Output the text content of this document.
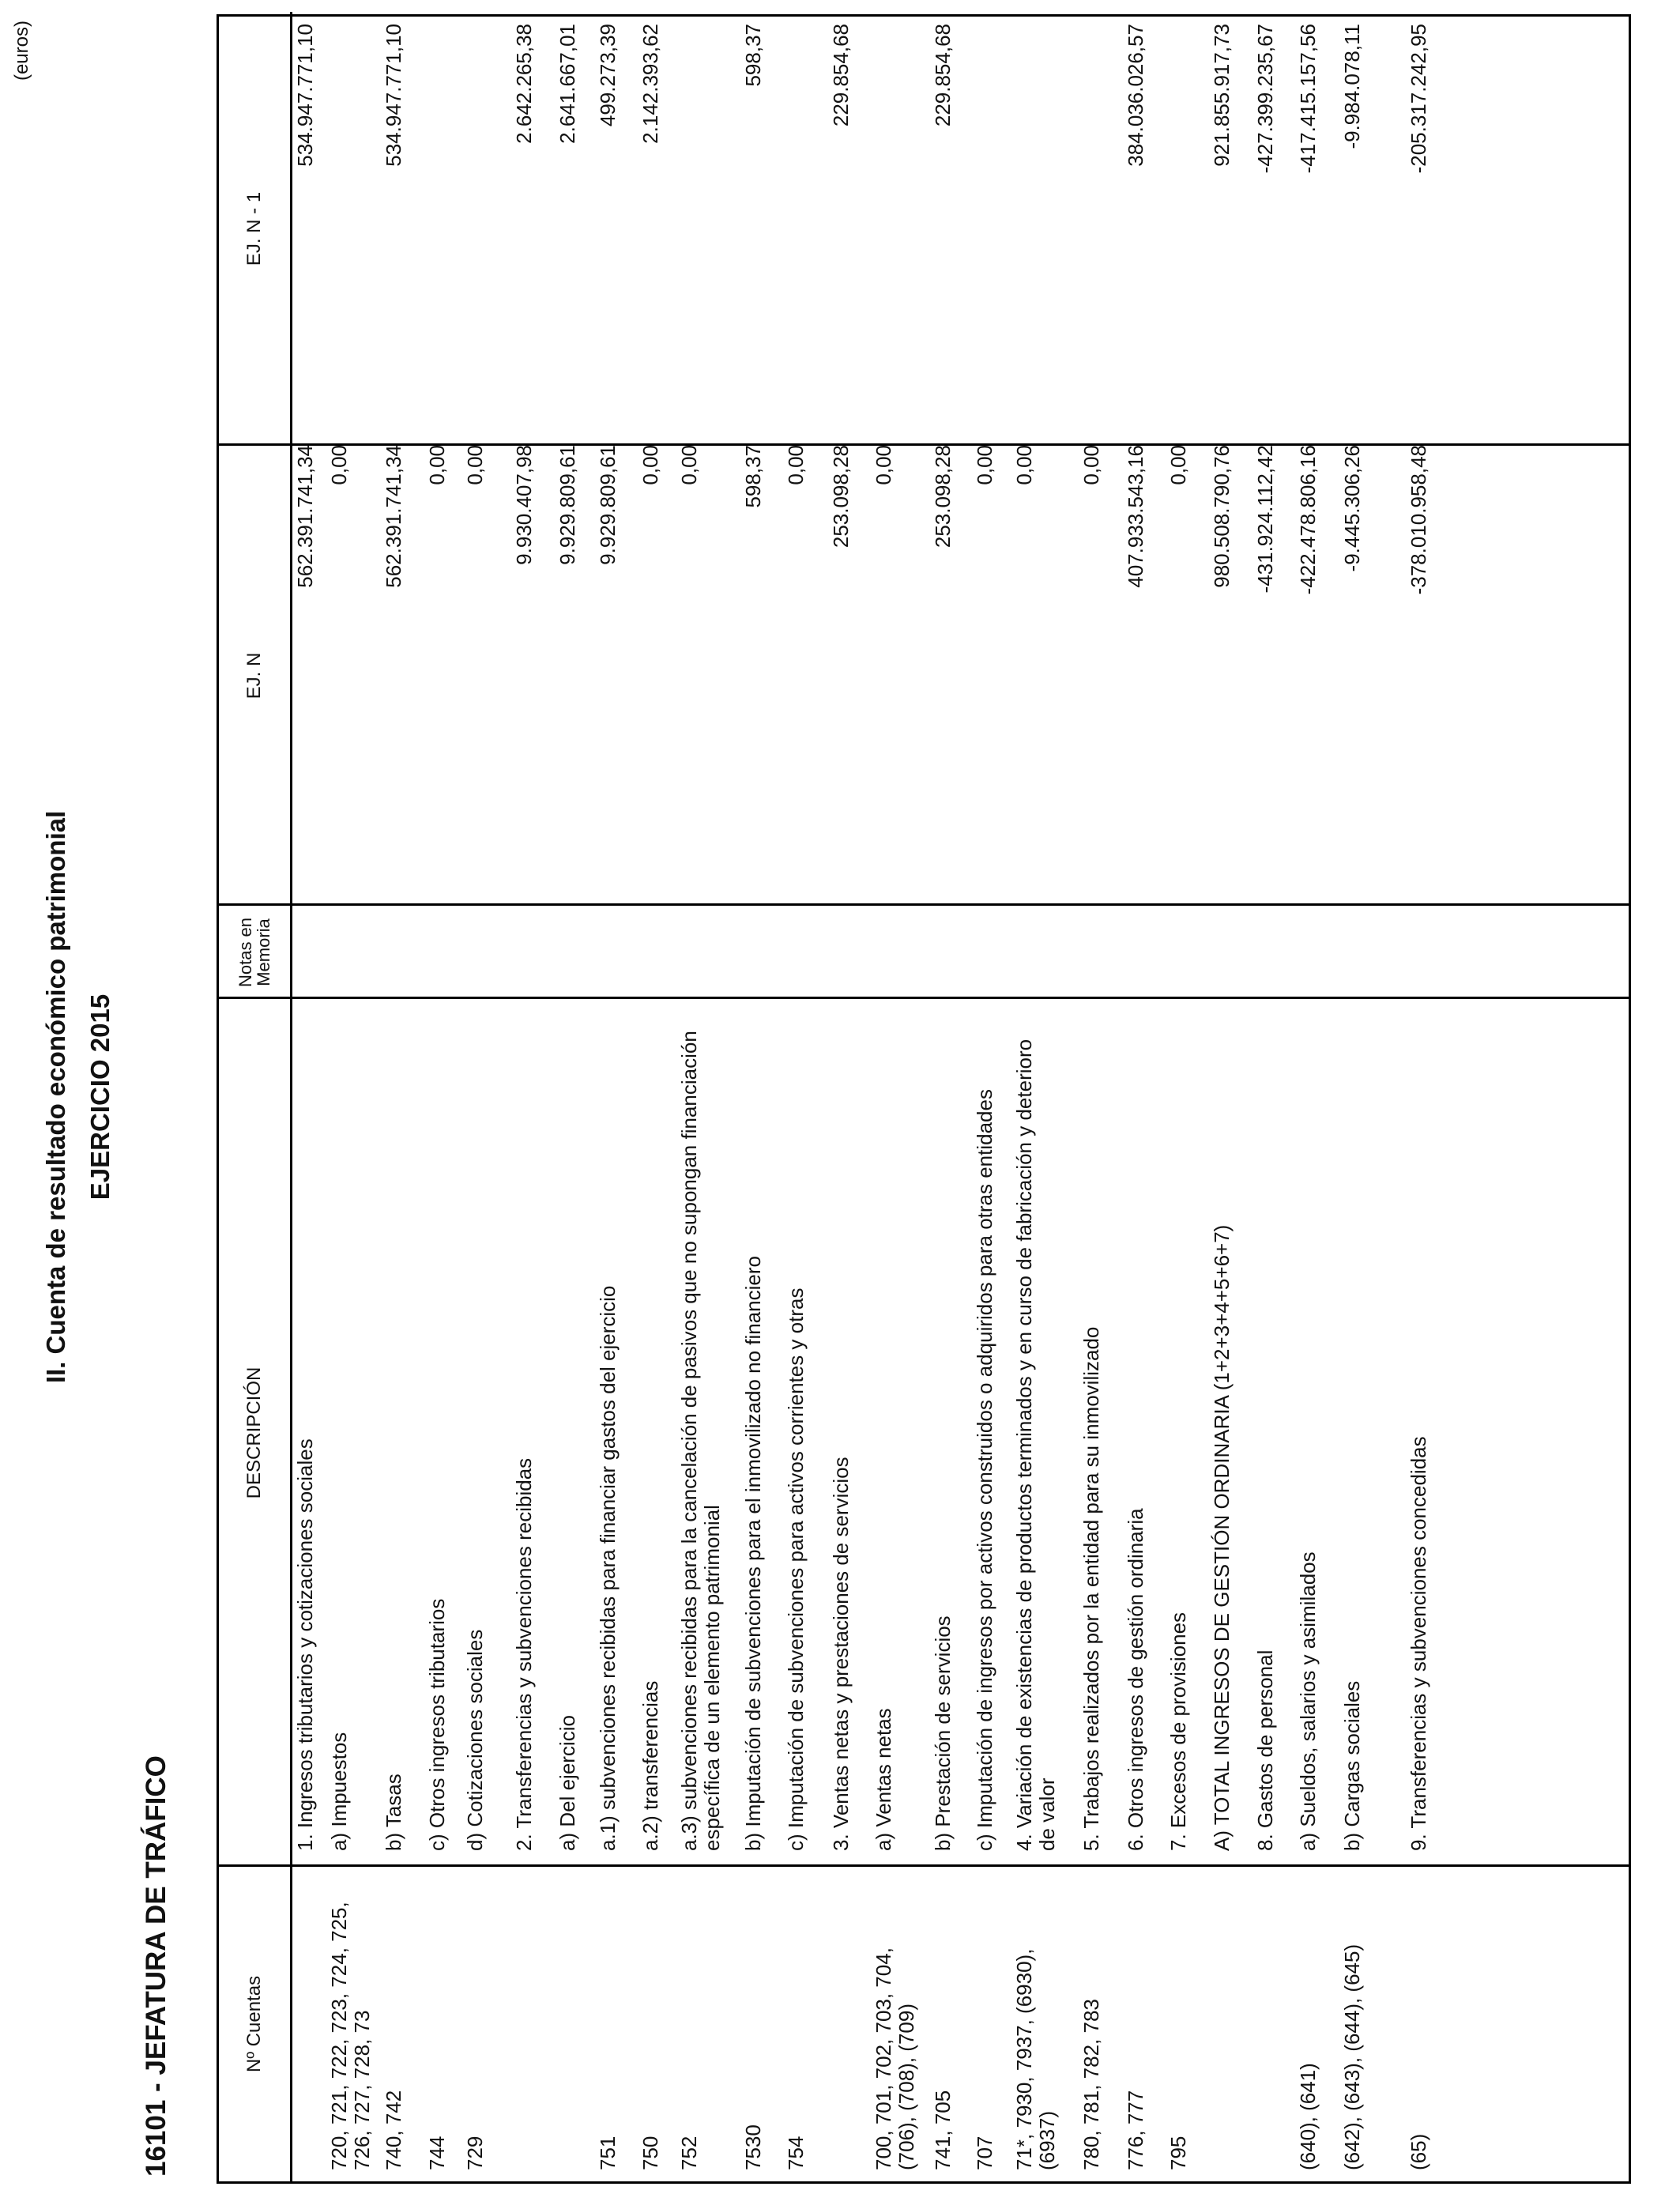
(euros)
II. Cuenta de resultado económico patrimonial EJERCICIO 2015
16101 - JEFATURA DE TRÁFICO	Nº Cuentas
DESCRIPCIÓN
Notas en Memoria
EJ. N
EJ. N - 1
1. Ingresos tributarios y cotizaciones sociales
562.391.741,34
534.947.771,10
720, 721, 722, 723, 724, 725, 726, 727, 728, 73
a) Impuestos
0,00
740, 742
b) Tasas
562.391.741,34
534.947.771,10
744
c) Otros ingresos tributarios
0,00
729
d) Cotizaciones sociales
0,00
2. Transferencias y subvenciones recibidas
9.930.407,98
2.642.265,38
a) Del ejercicio
9.929.809,61
2.641.667,01
751
a.1) subvenciones recibidas para financiar gastos del ejercicio
9.929.809,61
499.273,39
750
a.2) transferencias
0,00
2.142.393,62
752
a.3) subvenciones recibidas para la cancelación de pasivos que no supongan financiación específica de un elemento patrimonial
0,00
7530
b) Imputación de subvenciones para el inmovilizado no financiero
598,37
598,37
754
c) Imputación de subvenciones para activos corrientes y otras
0,00
3. Ventas netas y prestaciones de servicios
253.098,28
229.854,68
700, 701, 702, 703, 704, (706), (708), (709)
a) Ventas netas
0,00
741, 705
b) Prestación de servicios
253.098,28
229.854,68
707
c) Imputación de ingresos por activos construidos o adquiridos para otras entidades
0,00
71*, 7930, 7937, (6930), (6937)
4. Variación de existencias de productos terminados y en curso de fabricación y deterioro de valor
0,00
780, 781, 782, 783
5. Trabajos realizados por la entidad para su inmovilizado
0,00
776, 777
6. Otros ingresos de gestión ordinaria
407.933.543,16
384.036.026,57
795
7. Excesos de provisiones
0,00
A) TOTAL INGRESOS DE GESTIÓN ORDINARIA (1+2+3+4+5+6+7)
980.508.790,76
921.855.917,73
8. Gastos de personal
-431.924.112,42
-427.399.235,67
(640), (641)
a) Sueldos, salarios y asimilados
-422.478.806,16
-417.415.157,56
(642), (643), (644), (645)
b) Cargas sociales
-9.445.306,26
-9.984.078,11
(65)
9. Transferencias y subvenciones concedidas
-378.010.958,48
-205.317.242,95
